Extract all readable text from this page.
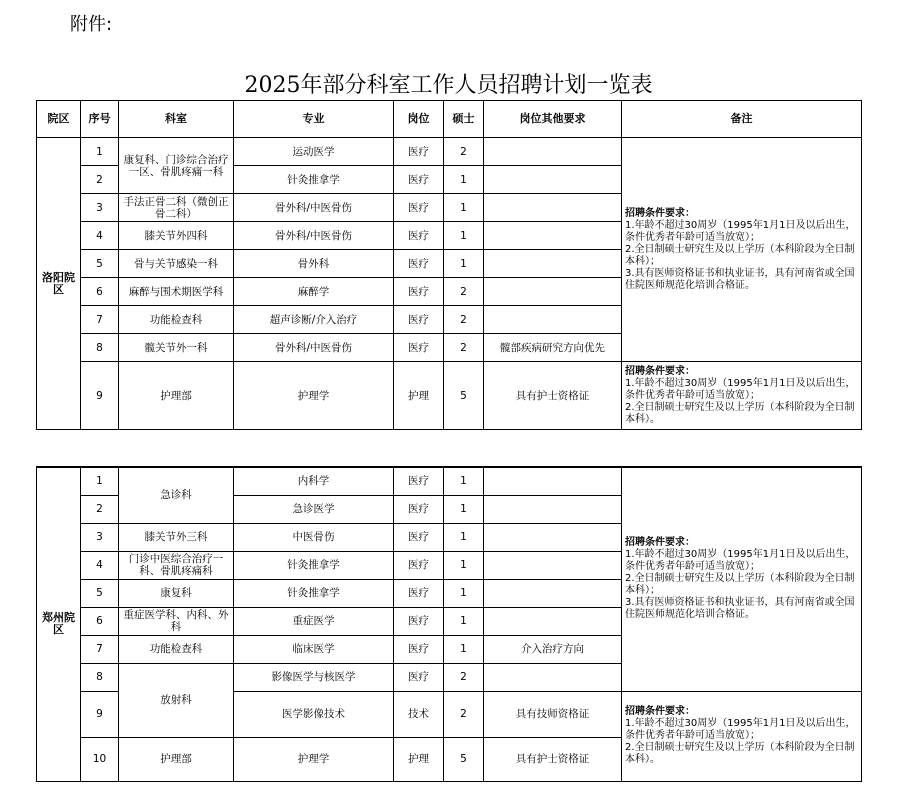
附件:
2025年部分科室工作人员招聘计划一览表
院区	序号	科室	专业	岗位	硕士	岗位其他要求	备注
洛阳院区	1	康复科、门诊综合治疗一区、骨肌疼痛一科	运动医学	医疗	2		招聘条件要求：
1.年龄不超过30周岁（1995年1月1日及以后出生，条件优秀者年龄可适当放宽）；
2.全日制硕士研究生及以上学历（本科阶段为全日制本科）；
3.具有医师资格证书和执业证书，具有河南省或全国住院医师规范化培训合格证。

	2		针灸推拿学	医疗	1		
	3	手法正骨二科（微创正骨二科）	骨外科/中医骨伤	医疗	1		
	4	膝关节外四科	骨外科/中医骨伤	医疗	1		
	5	骨与关节感染一科	骨外科	医疗	1		
	6	麻醉与围术期医学科	麻醉学	医疗	2		
	7	功能检查科	超声诊断/介入治疗	医疗	2		
	8	髋关节外一科	骨外科/中医骨伤	医疗	2	髋部疾病研究方向优先	
	9	护理部	护理学	护理	5	具有护士资格证	招聘条件要求：
1.年龄不超过30周岁（1995年1月1日及以后出生，条件优秀者年龄可适当放宽）；
2.全日制硕士研究生及以上学历（本科阶段为全日制本科）。
郑州院区	1	急诊科	内科学	医疗	1		招聘条件要求：
1.年龄不超过30周岁（1995年1月1日及以后出生，条件优秀者年龄可适当放宽）；
2.全日制硕士研究生及以上学历（本科阶段为全日制本科）；
3.具有医师资格证书和执业证书，具有河南省或全国住院医师规范化培训合格证。

	2		急诊医学	医疗	1		
	3	膝关节外三科	中医骨伤	医疗	1		
	4	门诊中医综合治疗一科、骨肌疼痛科	针灸推拿学	医疗	1		
	5	康复科	针灸推拿学	医疗	1		
	6	重症医学科、内科、外科	重症医学	医疗	1		
	7	功能检查科	临床医学	医疗	1	介入治疗方向	
	8	放射科	影像医学与核医学	医疗	2		
	9		医学影像技术	技术	2	具有技师资格证	招聘条件要求：
1.年龄不超过30周岁（1995年1月1日及以后出生，条件优秀者年龄可适当放宽）；
2.全日制硕士研究生及以上学历（本科阶段为全日制本科）。

	10	护理部	护理学	护理	5	具有护士资格证	
